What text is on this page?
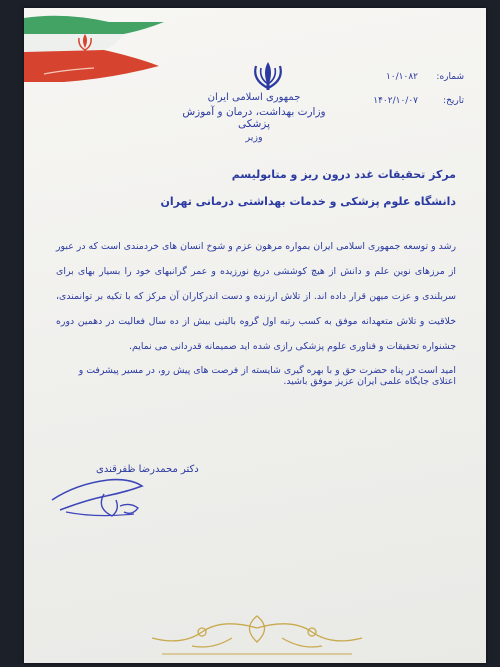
جمهوری اسلامی ایران
وزارت بهداشت، درمان و آموزش پزشکی
وزیر
شماره:
۱۰/۱۰۸۲
تاریخ:
۱۴۰۲/۱۰/۰۷
مرکز تحقیقات غدد درون ریز و متابولیسم
دانشگاه علوم پزشکی و خدمات بهداشتی درمانی تهران
رشد و توسعه جمهوری اسلامی ایران بمواره مرهون عزم و شوخ انسان های خردمندی است که در عبور از مرزهای نوین علم و دانش از هیچ کوششی دریغ نورزیده و عمر گرانبهای خود را بسیار بهای برای سربلندی و عزت میهن قرار داده اند. از تلاش ارزنده و دست اندرکاران آن مرکز که با تکیه بر توانمندی، خلاقیت و تلاش متعهدانه موفق به کسب رتبه اول گروه بالینی بیش از ده سال فعالیت در دهمین دوره جشنواره تحقیقات و فناوری علوم پزشکی رازی شده اید صمیمانه قدردانی می نمایم.
امید است در پناه حضرت حق و با بهره گیری شایسته از فرصت های پیش رو، در مسیر پیشرفت و اعتلای جایگاه علمی ایران عزیز موفق باشید.
دکتر محمدرضا ظفرقندی
